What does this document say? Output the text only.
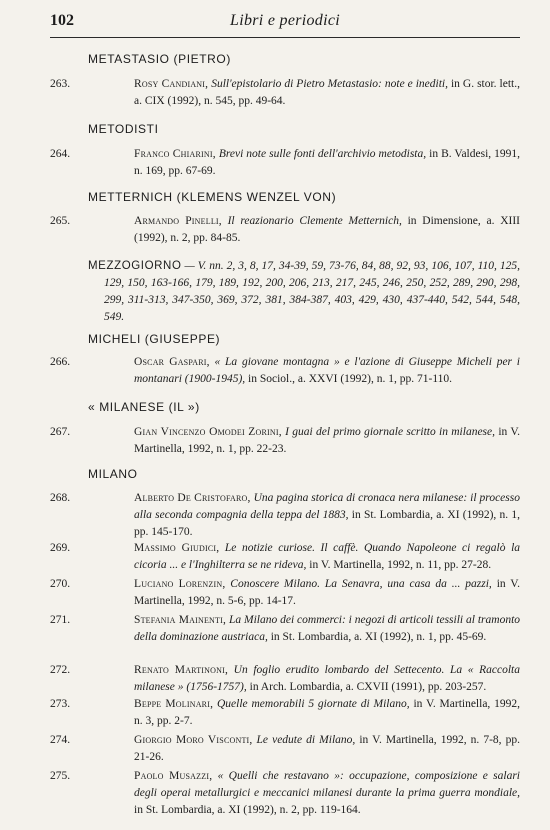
102	Libri e periodici
METASTASIO (PIETRO)
263.	Rosy Candiani, Sull'epistolario di Pietro Metastasio: note e inediti, in G. stor. lett., a. CIX (1992), n. 545, pp. 49-64.
METODISTI
264.	Franco Chiarini, Brevi note sulle fonti dell'archivio metodista, in B. Valdesi, 1991, n. 169, pp. 67-69.
METTERNICH (KLEMENS WENZEL VON)
265.	Armando Pinelli, Il reazionario Clemente Metternich, in Dimensione, a. XIII (1992), n. 2, pp. 84-85.
MEZZOGIORNO — V. nn. 2, 3, 8, 17, 34-39, 59, 73-76, 84, 88, 92, 93, 106, 107, 110, 125, 129, 150, 163-166, 179, 189, 192, 200, 206, 213, 217, 245, 246, 250, 252, 289, 290, 298, 299, 311-313, 347-350, 369, 372, 381, 384-387, 403, 429, 430, 437-440, 542, 544, 548, 549.
MICHELI (GIUSEPPE)
266.	Oscar Gaspari, « La giovane montagna » e l'azione di Giuseppe Micheli per i montanari (1900-1945), in Sociol., a. XXVI (1992), n. 1, pp. 71-110.
« MILANESE (IL »)
267.	Gian Vincenzo Omodei Zorini, I guai del primo giornale scritto in milanese, in V. Martinella, 1992, n. 1, pp. 22-23.
MILANO
268.	Alberto De Cristofaro, Una pagina storica di cronaca nera milanese: il processo alla seconda compagnia della teppa del 1883, in St. Lombardia, a. XI (1992), n. 1, pp. 145-170.
269.	Massimo Giudici, Le notizie curiose. Il caffè. Quando Napoleone ci regalò la cicoria ... e l'Inghilterra se ne rideva, in V. Martinella, 1992, n. 11, pp. 27-28.
270.	Luciano Lorenzin, Conoscere Milano. La Senavra, una casa da ... pazzi, in V. Martinella, 1992, n. 5-6, pp. 14-17.
271.	Stefania Mainenti, La Milano dei commerci: i negozi di articoli tessili al tramonto della dominazione austriaca, in St. Lombardia, a. XI (1992), n. 1, pp. 45-69.
272.	Renato Martinoni, Un foglio erudito lombardo del Settecento. La « Raccolta milanese » (1756-1757), in Arch. Lombardia, a. CXVII (1991), pp. 203-257.
273.	Beppe Molinari, Quelle memorabili 5 giornate di Milano, in V. Martinella, 1992, n. 3, pp. 2-7.
274.	Giorgio Moro Visconti, Le vedute di Milano, in V. Martinella, 1992, n. 7-8, pp. 21-26.
275.	Paolo Musazzi, « Quelli che restavano »: occupazione, composizione e salari degli operai metallurgici e meccanici milanesi durante la prima guerra mondiale, in St. Lombardia, a. XI (1992), n. 2, pp. 119-164.
